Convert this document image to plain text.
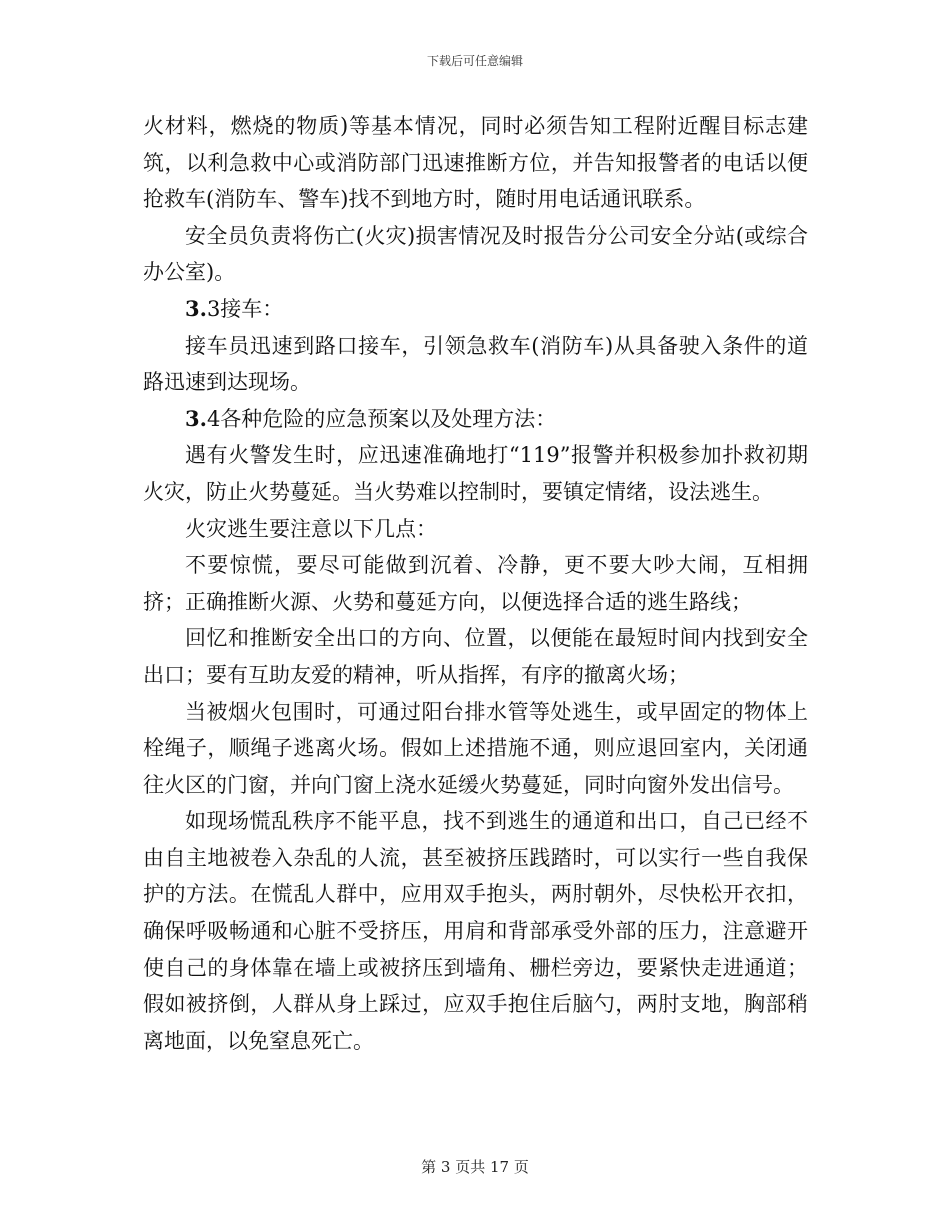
下载后可任意编辑

火材料，燃烧的物质)等基本情况，同时必须告知工程附近醒目标志建筑，以利急救中心或消防部门迅速推断方位，并告知报警者的电话以便抢救车(消防车、警车)找不到地方时，随时用电话通讯联系。

安全员负责将伤亡(火灾)损害情况及时报告分公司安全分站(或综合办公室)。

3.3接车：

接车员迅速到路口接车，引领急救车(消防车)从具备驶入条件的道路迅速到达现场。

3.4各种危险的应急预案以及处理方法：

遇有火警发生时，应迅速准确地打“119”报警并积极参加扑救初期火灾，防止火势蔓延。当火势难以控制时，要镇定情绪，设法逃生。

火灾逃生要注意以下几点：

不要惊慌，要尽可能做到沉着、冷静，更不要大吵大闹，互相拥挤；正确推断火源、火势和蔓延方向，以便选择合适的逃生路线；

回忆和推断安全出口的方向、位置，以便能在最短时间内找到安全出口；要有互助友爱的精神，听从指挥，有序的撤离火场；

当被烟火包围时，可通过阳台排水管等处逃生，或早固定的物体上栓绳子，顺绳子逃离火场。假如上述措施不通，则应退回室内，关闭通往火区的门窗，并向门窗上浇水延缓火势蔓延，同时向窗外发出信号。

如现场慌乱秩序不能平息，找不到逃生的通道和出口，自己已经不由自主地被卷入杂乱的人流，甚至被挤压践踏时，可以实行一些自我保护的方法。在慌乱人群中，应用双手抱头，两肘朝外，尽快松开衣扣，确保呼吸畅通和心脏不受挤压，用肩和背部承受外部的压力，注意避开使自己的身体靠在墙上或被挤压到墙角、栅栏旁边，要紧快走进通道；假如被挤倒，人群从身上踩过，应双手抱住后脑勺，两肘支地，胸部稍离地面，以免窒息死亡。

第 3 页共 17 页
